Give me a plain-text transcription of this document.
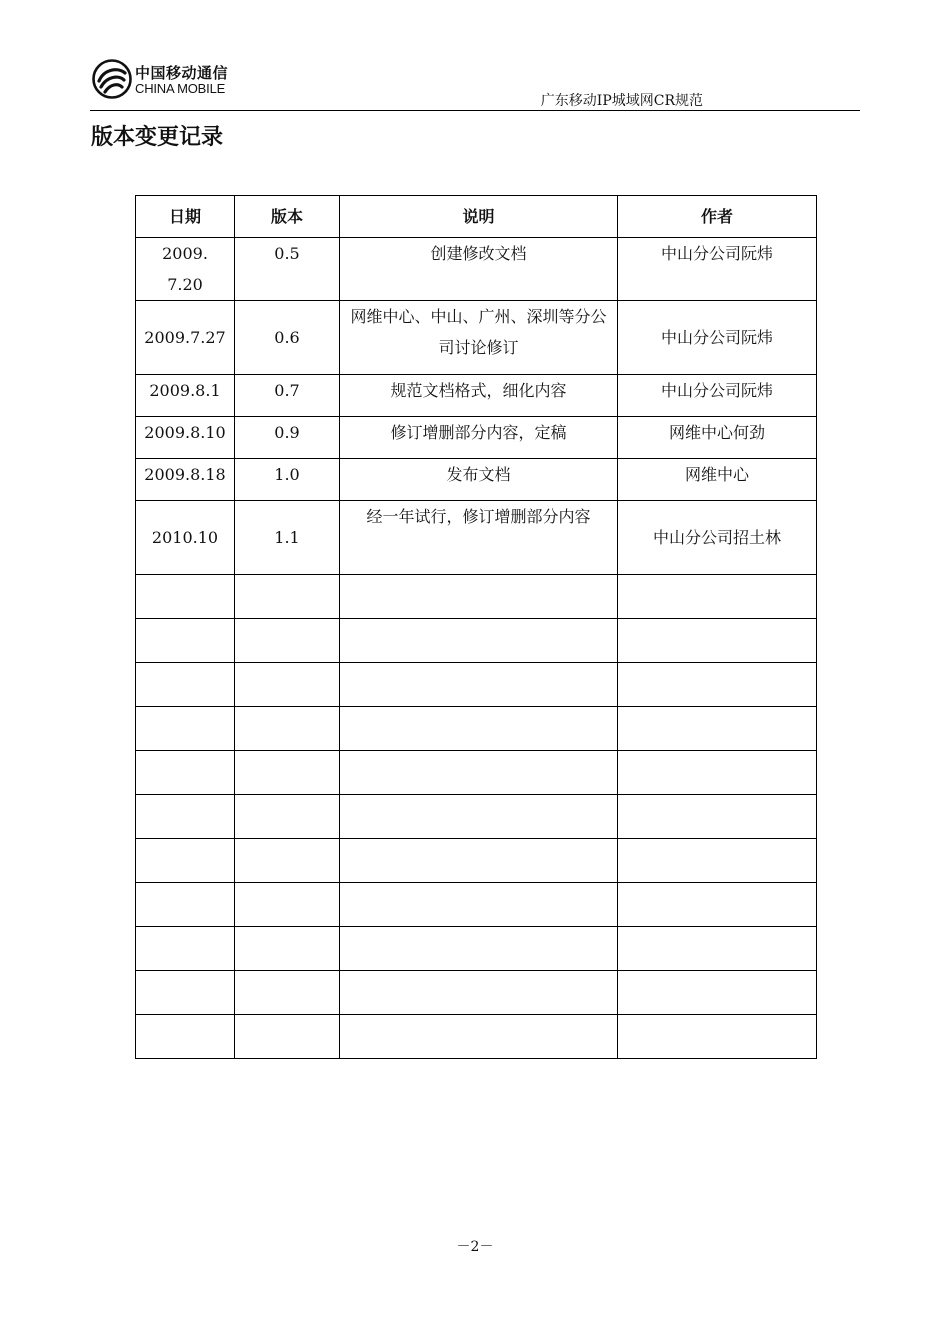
中国移动通信
CHINA MOBILE
广东移动IP城域网CR规范
版本变更记录
日期	版本	说明	作者
2009. 7.20	0.5	创建修改文档	中山分公司阮炜
2009.7.27	0.6	网维中心、中山、广州、深圳等分公司讨论修订	中山分公司阮炜
2009.8.1	0.7	规范文档格式，细化内容	中山分公司阮炜
2009.8.10	0.9	修订增删部分内容，定稿	网维中心何劲
2009.8.18	1.0	发布文档	网维中心
2010.10	1.1	经一年试行，修订增删部分内容	中山分公司招土林

－2－
